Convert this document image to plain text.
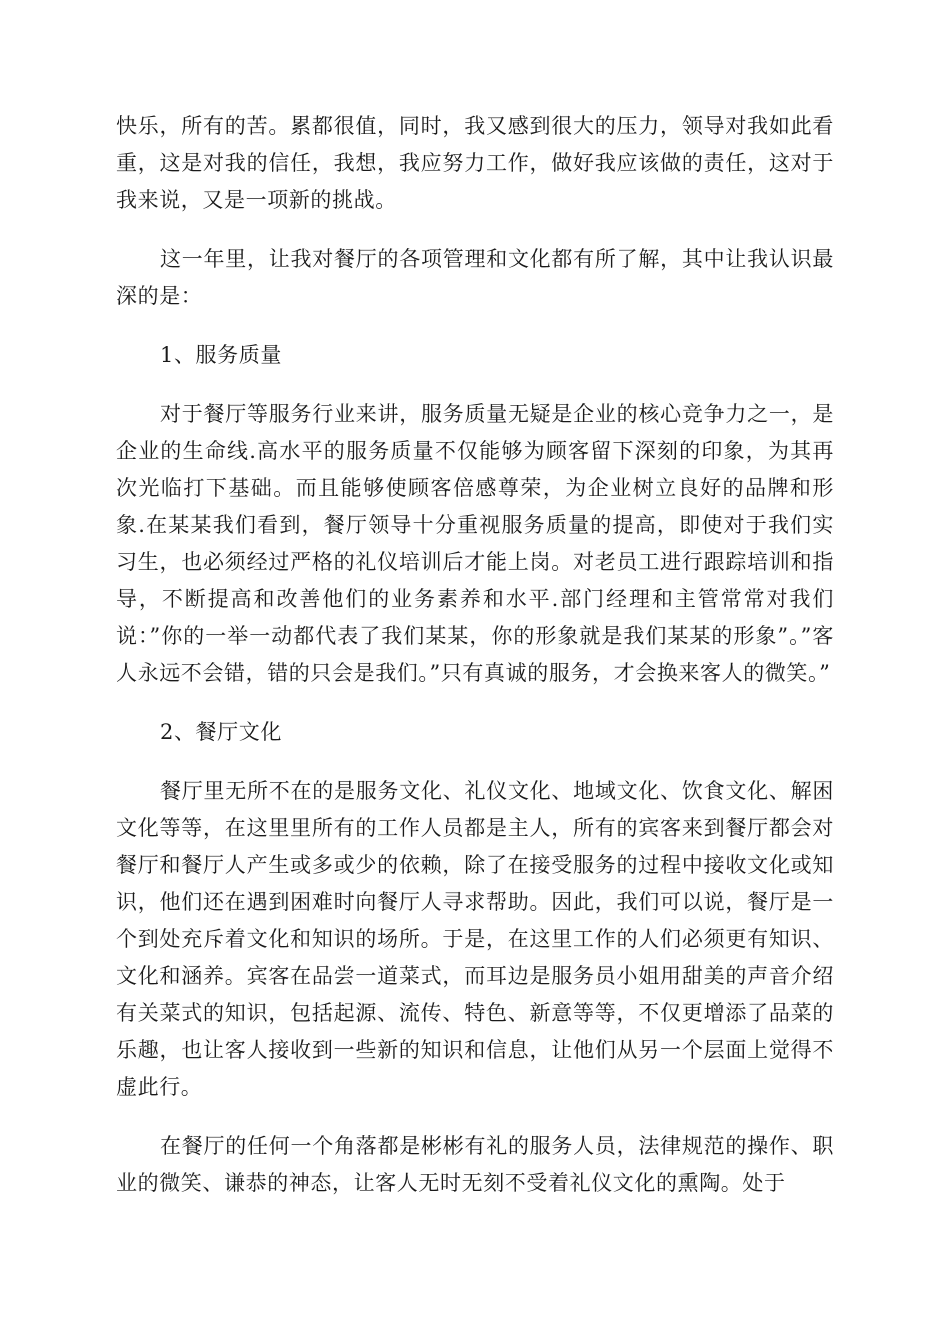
快乐，所有的苦。累都很值，同时，我又感到很大的压力，领导对我如此看重，这是对我的信任，我想，我应努力工作，做好我应该做的责任，这对于我来说，又是一项新的挑战。

这一年里，让我对餐厅的各项管理和文化都有所了解，其中让我认识最深的是：

1、服务质量

对于餐厅等服务行业来讲，服务质量无疑是企业的核心竞争力之一，是企业的生命线.高水平的服务质量不仅能够为顾客留下深刻的印象，为其再次光临打下基础。而且能够使顾客倍感尊荣，为企业树立良好的品牌和形象.在某某我们看到，餐厅领导十分重视服务质量的提高，即使对于我们实习生，也必须经过严格的礼仪培训后才能上岗。对老员工进行跟踪培训和指导，不断提高和改善他们的业务素养和水平.部门经理和主管常常对我们说：”你的一举一动都代表了我们某某，你的形象就是我们某某的形象”。”客人永远不会错，错的只会是我们。”只有真诚的服务，才会换来客人的微笑。”

2、餐厅文化

餐厅里无所不在的是服务文化、礼仪文化、地域文化、饮食文化、解困文化等等，在这里里所有的工作人员都是主人，所有的宾客来到餐厅都会对餐厅和餐厅人产生或多或少的依赖，除了在接受服务的过程中接收文化或知识，他们还在遇到困难时向餐厅人寻求帮助。因此，我们可以说，餐厅是一个到处充斥着文化和知识的场所。于是，在这里工作的人们必须更有知识、文化和涵养。宾客在品尝一道菜式，而耳边是服务员小姐用甜美的声音介绍有关菜式的知识，包括起源、流传、特色、新意等等，不仅更增添了品菜的乐趣，也让客人接收到一些新的知识和信息，让他们从另一个层面上觉得不虚此行。

在餐厅的任何一个角落都是彬彬有礼的服务人员，法律规范的操作、职业的微笑、谦恭的神态，让客人无时无刻不受着礼仪文化的熏陶。处于
